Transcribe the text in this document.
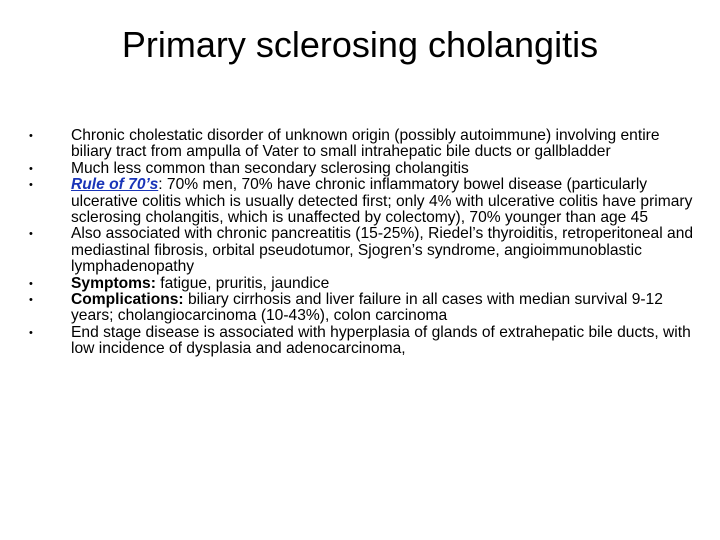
Primary sclerosing cholangitis
• Chronic cholestatic disorder of unknown origin (possibly autoimmune) involving entire biliary tract from ampulla of Vater to small intrahepatic bile ducts or gallbladder
• Much less common than secondary sclerosing cholangitis
• Rule of 70’s: 70% men, 70% have chronic inflammatory bowel disease (particularly ulcerative colitis which is usually detected first; only 4% with ulcerative colitis have primary sclerosing cholangitis, which is unaffected by colectomy), 70% younger than age 45
• Also associated with chronic pancreatitis (15-25%), Riedel’s thyroiditis, retroperitoneal and mediastinal fibrosis, orbital pseudotumor, Sjogren’s syndrome, angioimmunoblastic lymphadenopathy
• Symptoms: fatigue, pruritis, jaundice
• Complications: biliary cirrhosis and liver failure in all cases with median survival 9-12 years; cholangiocarcinoma (10-43%), colon carcinoma
• End stage disease is associated with hyperplasia of glands of extrahepatic bile ducts, with low incidence of dysplasia and adenocarcinoma,
